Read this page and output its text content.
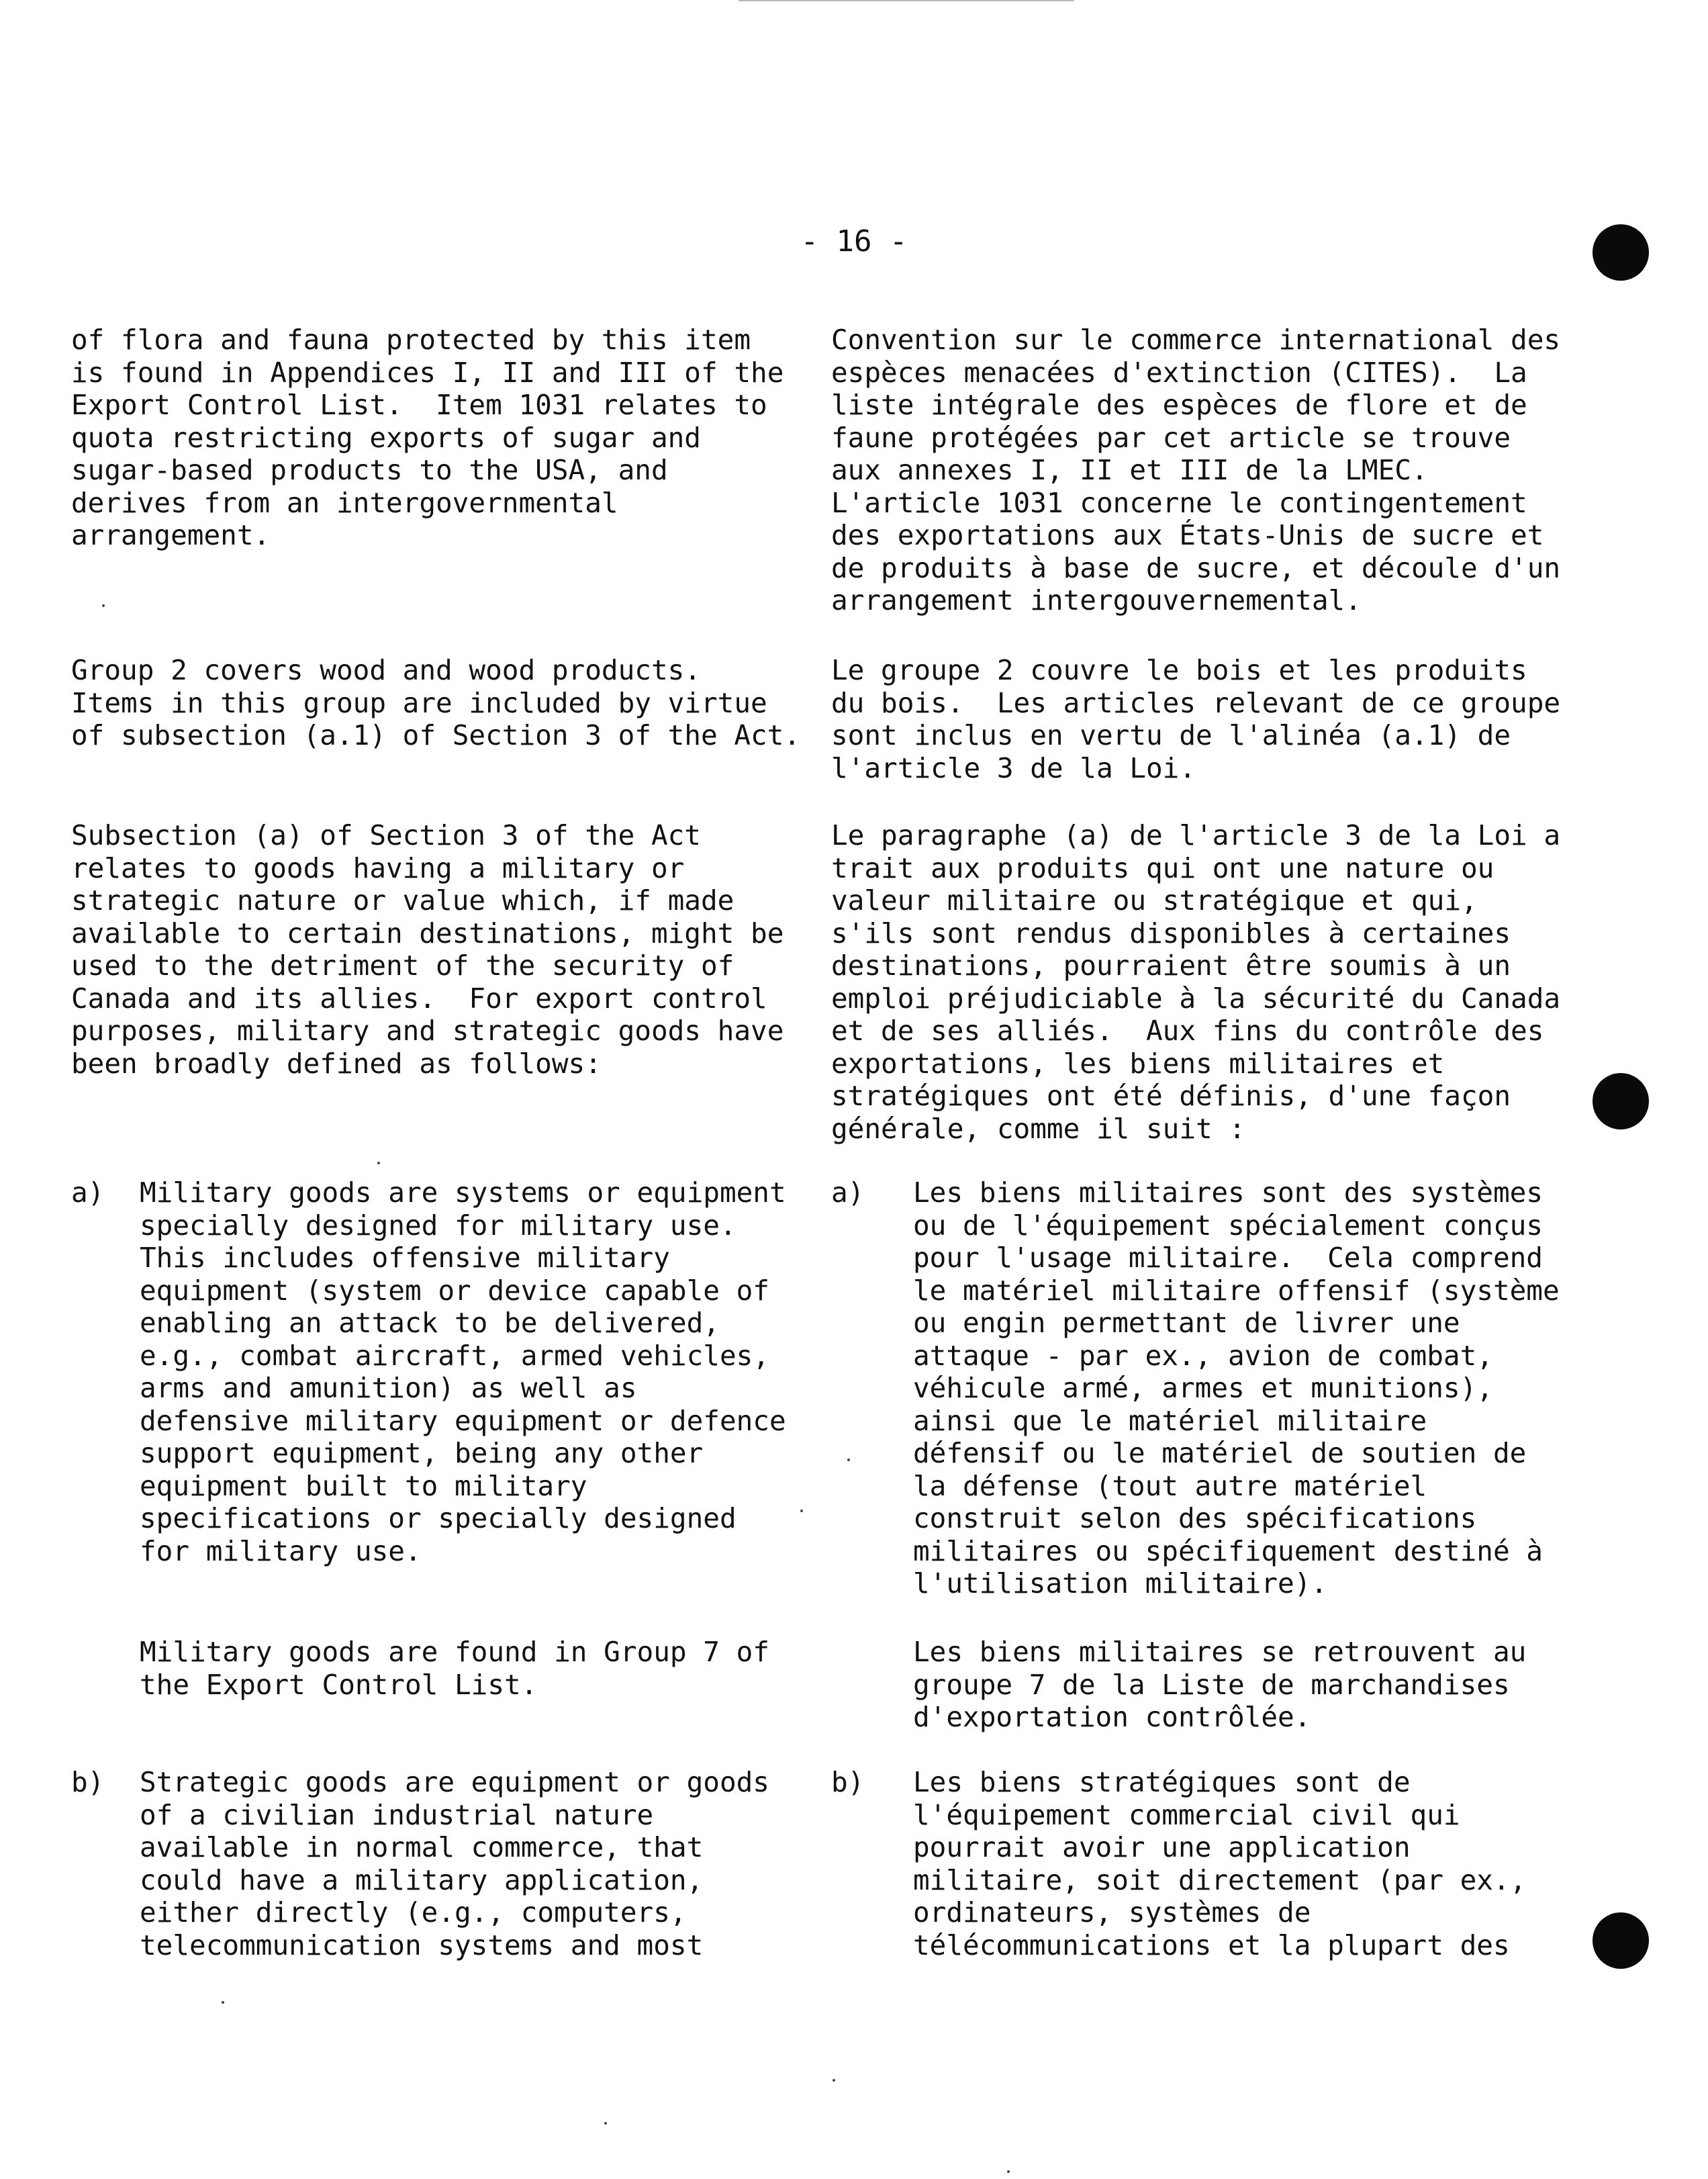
- 16 -
of flora and fauna protected by this item
is found in Appendices I, II and III of the
Export Control List.  Item 1031 relates to
quota restricting exports of sugar and
sugar-based products to the USA, and
derives from an intergovernmental
arrangement.
Group 2 covers wood and wood products.
Items in this group are included by virtue
of subsection (a.1) of Section 3 of the Act.
Subsection (a) of Section 3 of the Act
relates to goods having a military or
strategic nature or value which, if made
available to certain destinations, might be
used to the detriment of the security of
Canada and its allies.  For export control
purposes, military and strategic goods have
been broadly defined as follows:
a) Military goods are systems or equipment
specially designed for military use.
This includes offensive military
equipment (system or device capable of
enabling an attack to be delivered,
e.g., combat aircraft, armed vehicles,
arms and amunition) as well as
defensive military equipment or defence
support equipment, being any other
equipment built to military
specifications or specially designed
for military use.
Military goods are found in Group 7 of
the Export Control List.
b) Strategic goods are equipment or goods
of a civilian industrial nature
available in normal commerce, that
could have a military application,
either directly (e.g., computers,
telecommunication systems and most
Convention sur le commerce international des
espèces menacées d'extinction (CITES).  La
liste intégrale des espèces de flore et de
faune protégées par cet article se trouve
aux annexes I, II et III de la LMEC.
L'article 1031 concerne le contingentement
des exportations aux États-Unis de sucre et
de produits à base de sucre, et découle d'un
arrangement intergouvernemental.
Le groupe 2 couvre le bois et les produits
du bois.  Les articles relevant de ce groupe
sont inclus en vertu de l'alinéa (a.1) de
l'article 3 de la Loi.
Le paragraphe (a) de l'article 3 de la Loi a
trait aux produits qui ont une nature ou
valeur militaire ou stratégique et qui,
s'ils sont rendus disponibles à certaines
destinations, pourraient être soumis à un
emploi préjudiciable à la sécurité du Canada
et de ses alliés.  Aux fins du contrôle des
exportations, les biens militaires et
stratégiques ont été définis, d'une façon
générale, comme il suit :
a) Les biens militaires sont des systèmes
ou de l'équipement spécialement conçus
pour l'usage militaire.  Cela comprend
le matériel militaire offensif (système
ou engin permettant de livrer une
attaque - par ex., avion de combat,
véhicule armé, armes et munitions),
ainsi que le matériel militaire
défensif ou le matériel de soutien de
la défense (tout autre matériel
construit selon des spécifications
militaires ou spécifiquement destiné à
l'utilisation militaire).
Les biens militaires se retrouvent au
groupe 7 de la Liste de marchandises
d'exportation contrôlée.
b) Les biens stratégiques sont de
l'équipement commercial civil qui
pourrait avoir une application
militaire, soit directement (par ex.,
ordinateurs, systèmes de
télécommunications et la plupart des
